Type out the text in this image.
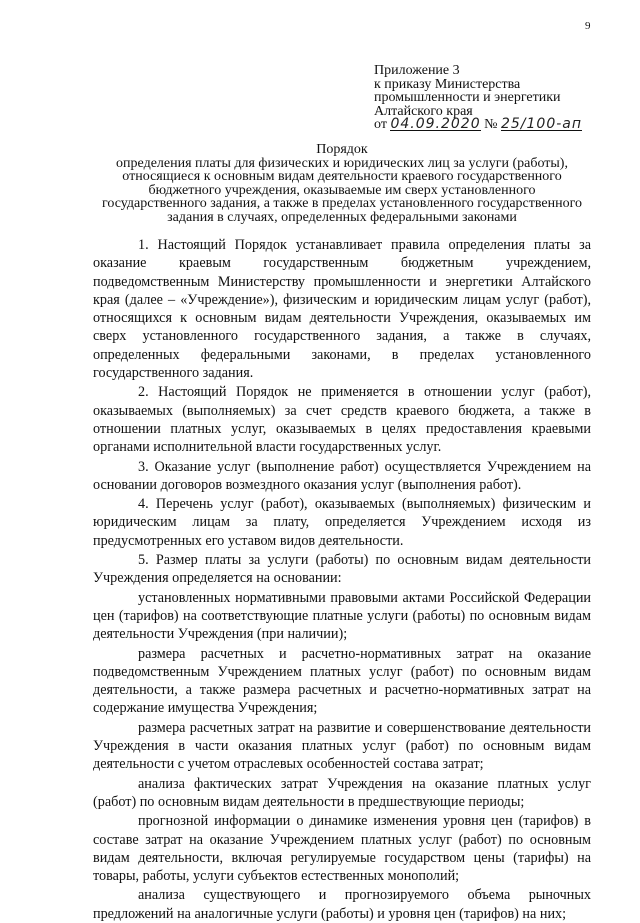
9
Приложение 3
к приказу Министерства
промышленности и энергетики
Алтайского края
от 04.09.2020 № 25/100-ап
Порядок
определения платы для физических и юридических лиц за услуги (работы),
относящиеся к основным видам деятельности краевого государственного
бюджетного учреждения, оказываемые им сверх установленного
государственного задания, а также в пределах установленного государственного
задания в случаях, определенных федеральными законами

1. Настоящий Порядок устанавливает правила определения платы за оказание краевым государственным бюджетным учреждением, подведомственным Министерству промышленности и энергетики Алтайского края (далее – «Учреждение»), физическим и юридическим лицам услуг (работ), относящихся к основным видам деятельности Учреждения, оказываемых им сверх установленного государственного задания, а также в случаях, определенных федеральными законами, в пределах установленного государственного задания.

2. Настоящий Порядок не применяется в отношении услуг (работ), оказываемых (выполняемых) за счет средств краевого бюджета, а также в отношении платных услуг, оказываемых в целях предоставления краевыми органами исполнительной власти государственных услуг.

3. Оказание услуг (выполнение работ) осуществляется Учреждением на основании договоров возмездного оказания услуг (выполнения работ).

4. Перечень услуг (работ), оказываемых (выполняемых) физическим и юридическим лицам за плату, определяется Учреждением исходя из предусмотренных его уставом видов деятельности.

5. Размер платы за услуги (работы) по основным видам деятельности Учреждения определяется на основании:

установленных нормативными правовыми актами Российской Федерации цен (тарифов) на соответствующие платные услуги (работы) по основным видам деятельности Учреждения (при наличии);

размера расчетных и расчетно-нормативных затрат на оказание подведомственным Учреждением платных услуг (работ) по основным видам деятельности, а также размера расчетных и расчетно-нормативных затрат на содержание имущества Учреждения;

размера расчетных затрат на развитие и совершенствование деятельности Учреждения в части оказания платных услуг (работ) по основным видам деятельности с учетом отраслевых особенностей состава затрат;

анализа фактических затрат Учреждения на оказание платных услуг (работ) по основным видам деятельности в предшествующие периоды;

прогнозной информации о динамике изменения уровня цен (тарифов) в составе затрат на оказание Учреждением платных услуг (работ) по основным видам деятельности, включая регулируемые государством цены (тарифы) на товары, работы, услуги субъектов естественных монополий;

анализа существующего и прогнозируемого объема рыночных предложений на аналогичные услуги (работы) и уровня цен (тарифов) на них;
